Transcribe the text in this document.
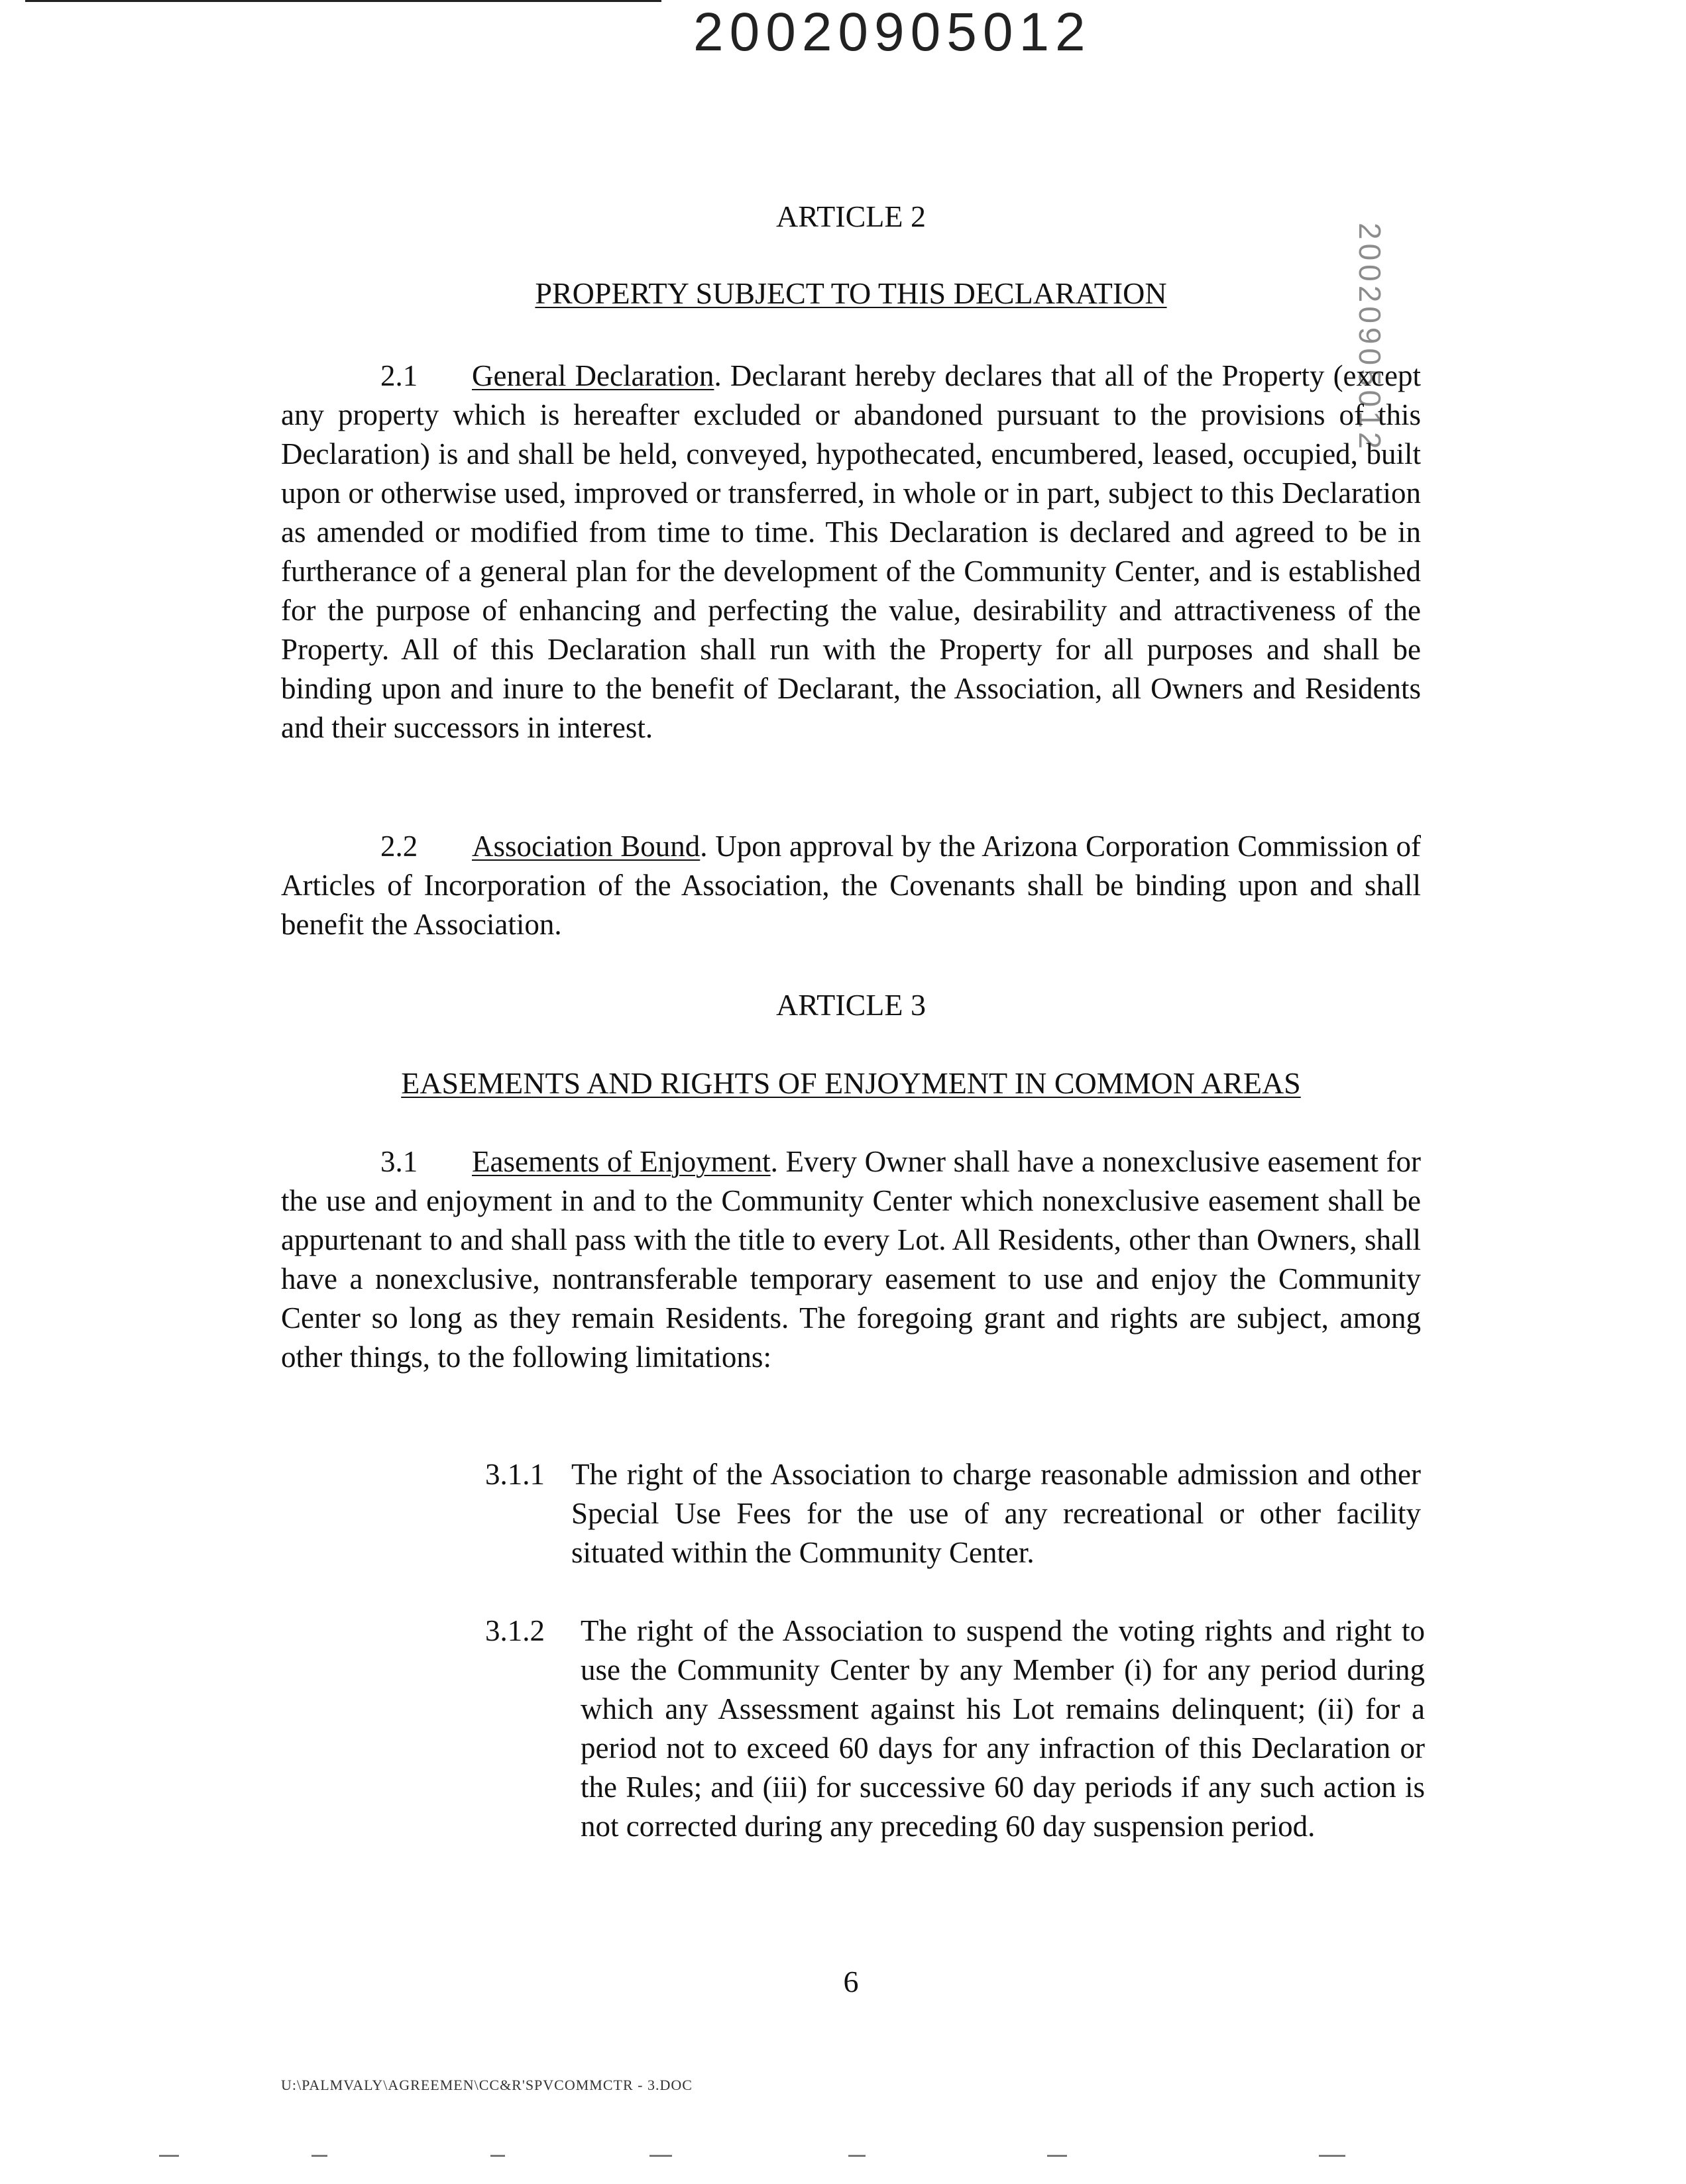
20020905012
20020905012
ARTICLE 2
PROPERTY SUBJECT TO THIS DECLARATION

2.1 General Declaration. Declarant hereby declares that all of the Property (except any property which is hereafter excluded or abandoned pursuant to the provisions of this Declaration) is and shall be held, conveyed, hypothecated, encumbered, leased, occupied, built upon or otherwise used, improved or transferred, in whole or in part, subject to this Declaration as amended or modified from time to time. This Declaration is declared and agreed to be in furtherance of a general plan for the development of the Community Center, and is established for the purpose of enhancing and perfecting the value, desirability and attractiveness of the Property. All of this Declaration shall run with the Property for all purposes and shall be binding upon and inure to the benefit of Declarant, the Association, all Owners and Residents and their successors in interest.

2.2 Association Bound. Upon approval by the Arizona Corporation Commission of Articles of Incorporation of the Association, the Covenants shall be binding upon and shall benefit the Association.

ARTICLE 3
EASEMENTS AND RIGHTS OF ENJOYMENT IN COMMON AREAS

3.1 Easements of Enjoyment. Every Owner shall have a nonexclusive easement for the use and enjoyment in and to the Community Center which nonexclusive easement shall be appurtenant to and shall pass with the title to every Lot. All Residents, other than Owners, shall have a nonexclusive, nontransferable temporary easement to use and enjoy the Community Center so long as they remain Residents. The foregoing grant and rights are subject, among other things, to the following limitations:

3.1.1 The right of the Association to charge reasonable admission and other Special Use Fees for the use of any recreational or other facility situated within the Community Center.

3.1.2 The right of the Association to suspend the voting rights and right to use the Community Center by any Member (i) for any period during which any Assessment against his Lot remains delinquent; (ii) for a period not to exceed 60 days for any infraction of this Declaration or the Rules; and (iii) for successive 60 day periods if any such action is not corrected during any preceding 60 day suspension period.

6
U:\PALMVALY\AGREEMEN\CC&R'SPVCOMMCTR - 3.DOC
